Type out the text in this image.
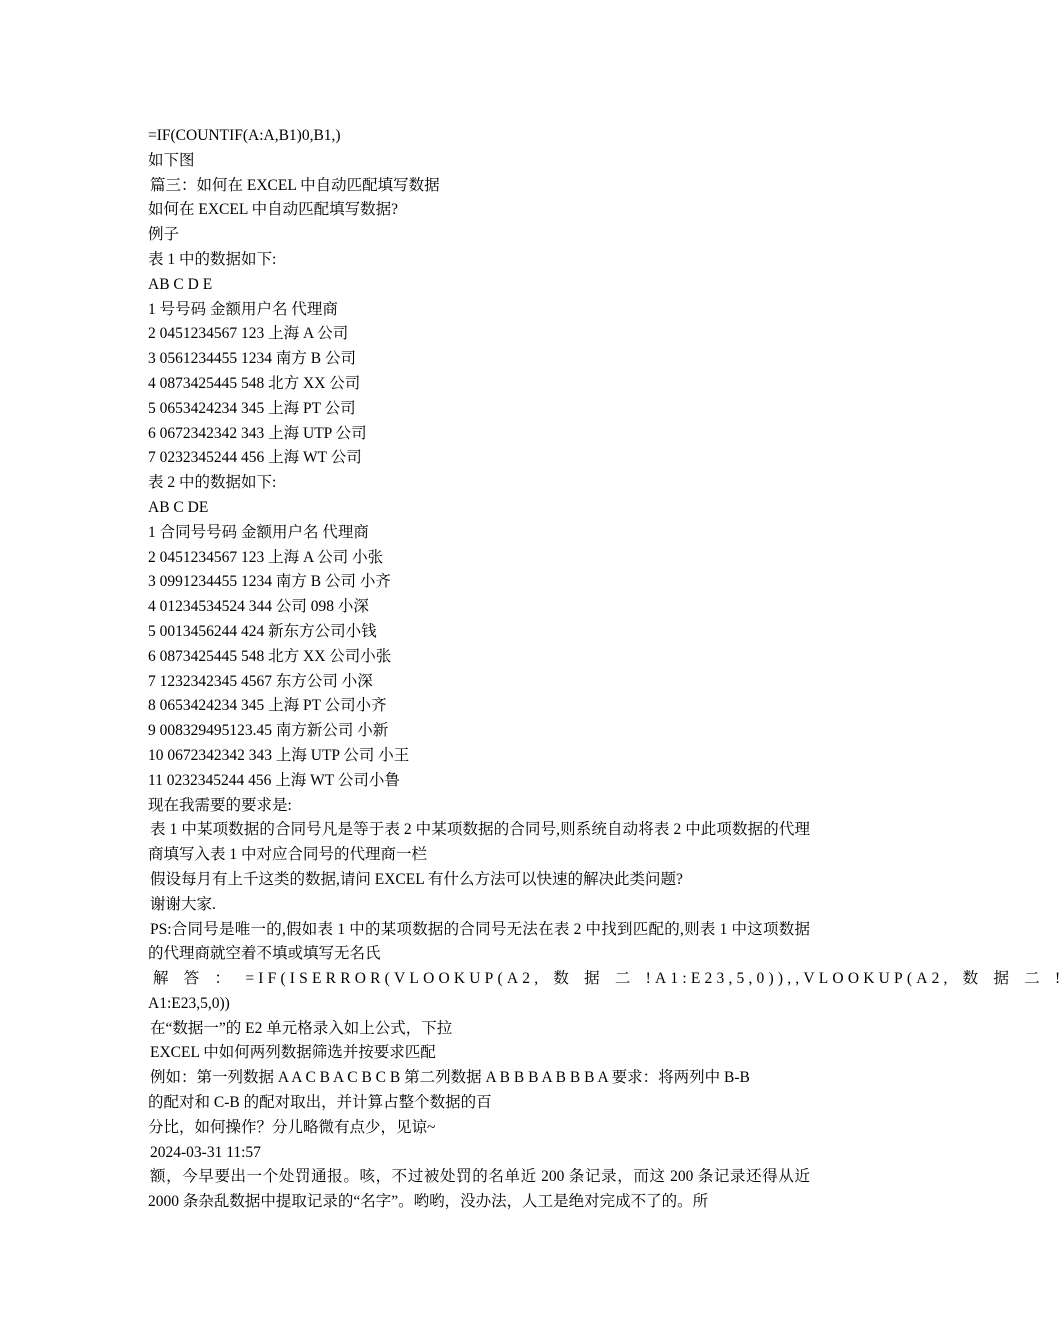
=IF(COUNTIF(A:A,B1)0,B1,)

如下图

篇三：如何在 EXCEL 中自动匹配填写数据

如何在 EXCEL 中自动匹配填写数据?

例子

表 1 中的数据如下:

AB C D E

1 号号码 金额用户名 代理商

2 0451234567 123 上海 A 公司

3 0561234455 1234 南方 B 公司

4 0873425445 548 北方 XX 公司

5 0653424234 345 上海 PT 公司

6 0672342342 343 上海 UTP 公司

7 0232345244 456 上海 WT 公司

表 2 中的数据如下:

AB C DE

1 合同号号码 金额用户名 代理商

2 0451234567 123 上海 A 公司 小张

3 0991234455 1234 南方 B 公司 小齐

4 01234534524 344 公司 098 小深

5 0013456244 424 新东方公司小钱

6 0873425445 548 北方 XX 公司小张

7 1232342345 4567 东方公司 小深

8 0653424234 345 上海 PT 公司小齐

9 008329495123.45 南方新公司 小新

10 0672342342 343 上海 UTP 公司 小王

11 0232345244 456 上海 WT 公司小鲁

现在我需要的要求是:

表 1 中某项数据的合同号凡是等于表 2 中某项数据的合同号,则系统自动将表 2 中此项数据的代理商填写入表 1 中对应合同号的代理商一栏

假设每月有上千这类的数据,请问 EXCEL 有什么方法可以快速的解决此类问题?

谢谢大家.

PS:合同号是唯一的,假如表 1 中的某项数据的合同号无法在表 2 中找到匹配的,则表 1 中这项数据的代理商就空着不填或填写无名氏

解 答 ： =IF(ISERROR(VLOOKUP(A2, 数 据 二 !A1:E23,5,0)),,VLOOKUP(A2, 数 据 二 !

A1:E23,5,0))

在“数据一”的 E2 单元格录入如上公式，下拉

EXCEL 中如何两列数据筛选并按要求匹配

例如：第一列数据 A A C B A C B C B 第二列数据 A B B B A B B B A 要求：将两列中 B-B

的配对和 C-B 的配对取出，并计算占整个数据的百

分比，如何操作？分儿略微有点少，见谅~

2024-03-31 11:57

额，今早要出一个处罚通报。咳，不过被处罚的名单近 200 条记录，而这 200 条记录还得从近 2000 条杂乱数据中提取记录的“名字”。哟哟，没办法，人工是绝对完成不了的。所
